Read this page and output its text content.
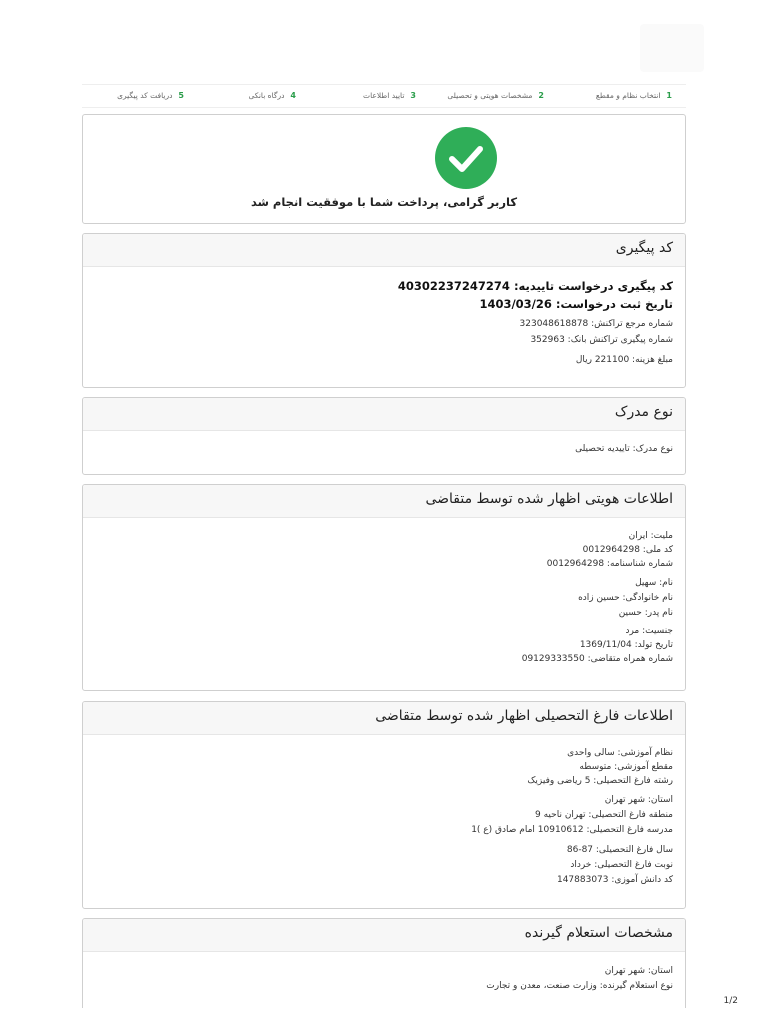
1
انتخاب نظام و مقطع
2
مشخصات هویتی و تحصیلی
3
تایید اطلاعات
4
درگاه بانکی
5
دریافت کد پیگیری
کاربر گرامی، پرداخت شما با موفقیت انجام شد
کد پیگیری
کد پیگیری درخواست تاییدیه: 40302237247274
تاریخ ثبت درخواست: 1403/03/26
شماره مرجع تراکنش: 323048618878
شماره پیگیری تراکنش بانک: 352963
مبلغ هزینه: 221100 ریال
نوع مدرک
نوع مدرک: تاییدیه تحصیلی
اطلاعات هویتی اظهار شده توسط متقاضی
ملیت: ایران
کد ملی: 0012964298
شماره شناسنامه: 0012964298
نام: سهیل
نام خانوادگی: حسین زاده
نام پدر: حسین
جنسیت: مرد
تاریخ تولد: 1369/11/04
شماره همراه متقاضی: 09129333550
اطلاعات فارغ التحصیلی اظهار شده توسط متقاضی
نظام آموزشی: سالی واحدی
مقطع آموزشی: متوسطه
رشته فارغ التحصیلی: 5 ریاضی وفیزیک
استان: شهر تهران
منطقه فارغ التحصیلی: تهران ناحیه 9
مدرسه فارغ التحصیلی: 10910612 امام صادق (ع )1
سال فارغ التحصیلی: 87-86
نوبت فارغ التحصیلی: خرداد
کد دانش آموزی: 147883073
مشخصات استعلام گیرنده
استان: شهر تهران
نوع استعلام گیرنده: وزارت صنعت، معدن و تجارت
1/2
